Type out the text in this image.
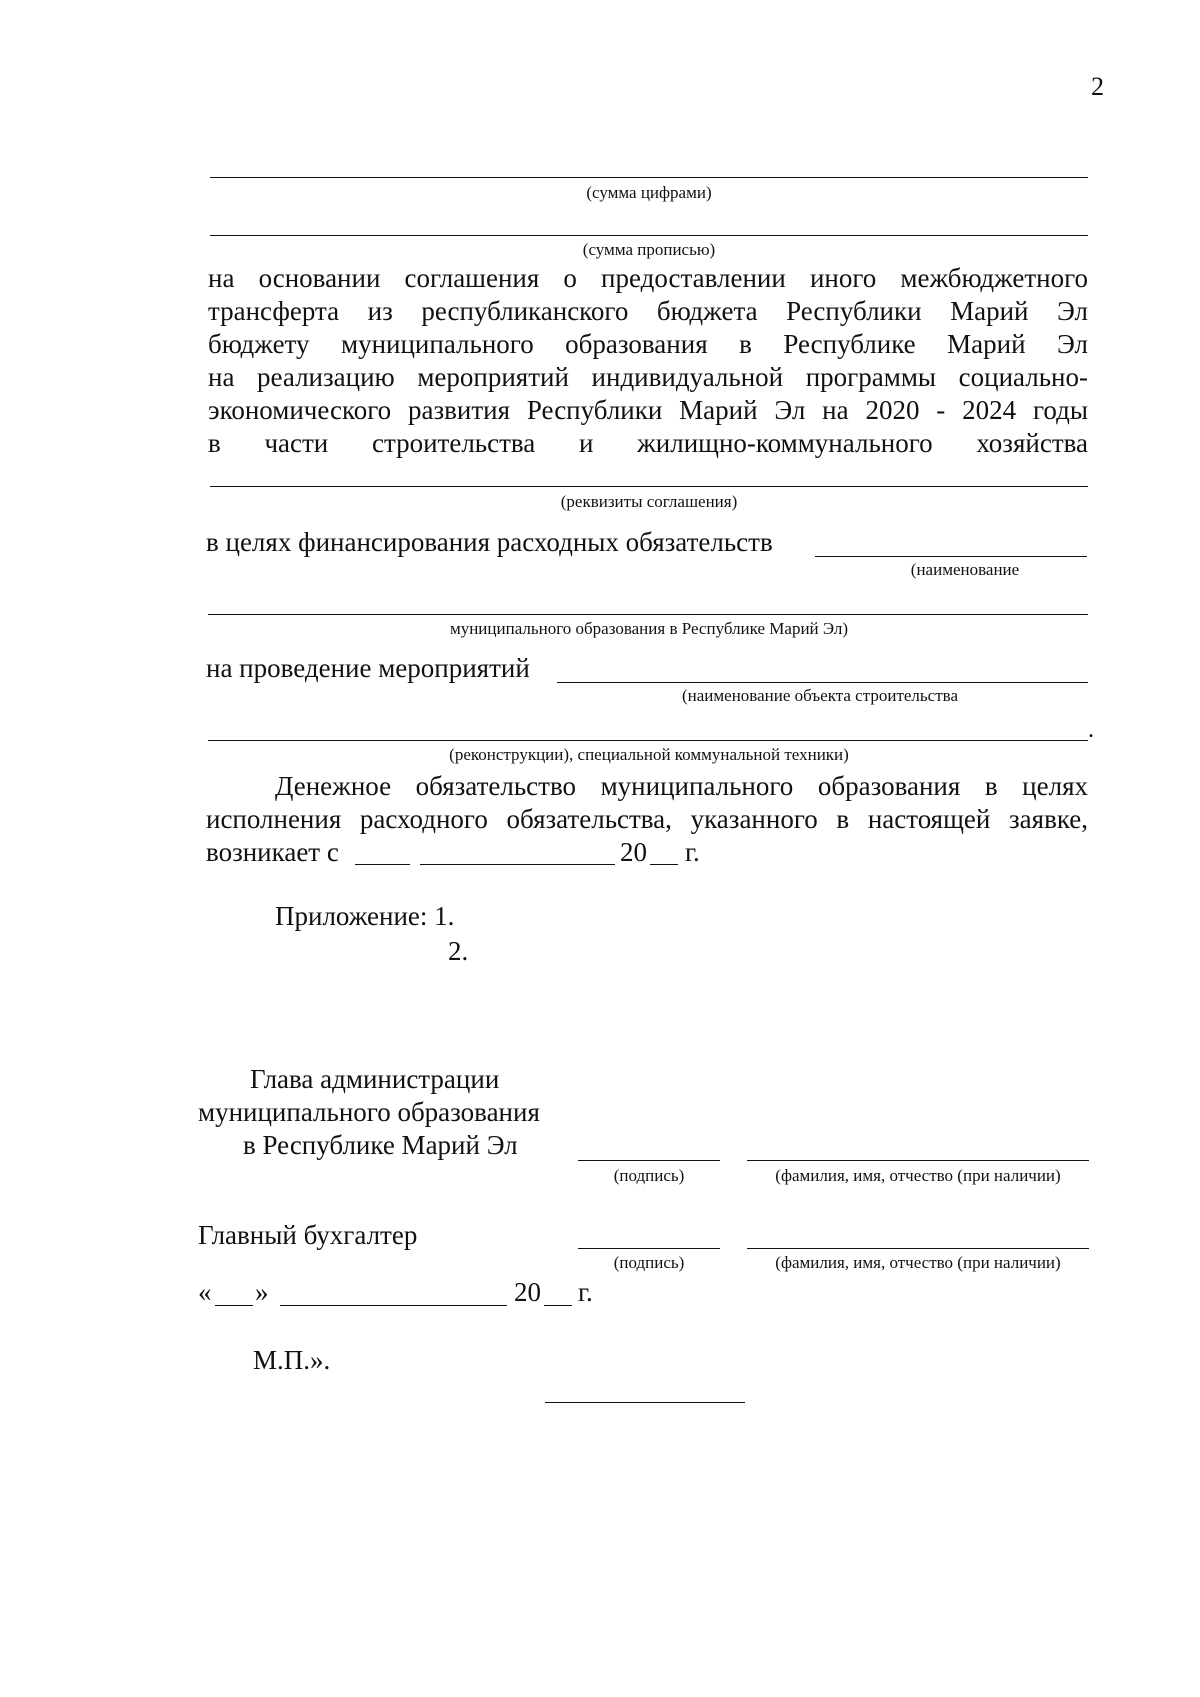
2
(сумма цифрами)
(сумма прописью)
на основании соглашения о предоставлении иного межбюджетного
трансферта из республиканского бюджета Республики Марий Эл
бюджету муниципального образования в Республике Марий Эл
на реализацию мероприятий индивидуальной программы социально-
экономического развития Республики Марий Эл на 2020 - 2024 годы
в части строительства и жилищно-коммунального хозяйства
(реквизиты соглашения)
в целях финансирования расходных обязательств
(наименование
муниципального образования в Республике Марий Эл)
на проведение мероприятий
(наименование объекта строительства
.
(реконструкции), специальной коммунальной техники)
Денежное обязательство муниципального образования в целях
исполнения расходного обязательства, указанного в настоящей заявке,
возникает с	20 г.
Приложение: 1.
2.
Глава администрации
муниципального образования
в Республике Марий Эл
(подпись)	(фамилия, имя, отчество (при наличии)
Главный бухгалтер
(подпись)	(фамилия, имя, отчество (при наличии)
« »	20 г.
М.П.».
